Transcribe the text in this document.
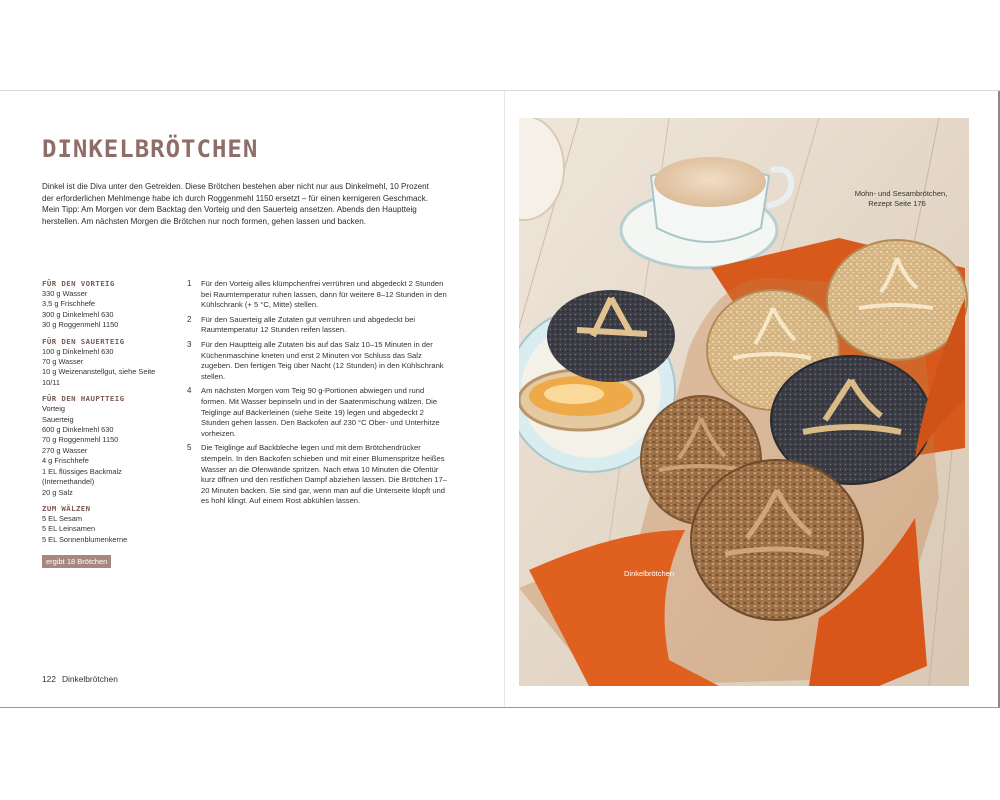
DINKELBRÖTCHEN

Dinkel ist die Diva unter den Getreiden. Diese Brötchen bestehen aber nicht nur aus Dinkelmehl, 10 Prozent der erforderlichen Mehlmenge habe ich durch Roggenmehl 1150 ersetzt – für einen kernigeren Geschmack.

Mein Tipp: Am Morgen vor dem Backtag den Vorteig und den Sauerteig ansetzen. Abends den Hauptteig herstellen. Am nächsten Morgen die Brötchen nur noch formen, gehen lassen und backen.

FÜR DEN VORTEIG
330 g Wasser
3,5 g Frischhefe
300 g Dinkelmehl 630
30 g Roggenmehl 1150
FÜR DEN SAUERTEIG
100 g Dinkelmehl 630
70 g Wasser
10 g Weizenanstellgut, siehe Seite 10/11
FÜR DEN HAUPTTEIG
Vorteig
Sauerteig
600 g Dinkelmehl 630
70 g Roggenmehl 1150
270 g Wasser
4 g Frischhefe
1 EL flüssiges Backmalz (Internethandel)
20 g Salz
ZUM WÄLZEN
5 EL Sesam
5 EL Leinsamen
5 EL Sonnenblumenkerne
ergibt 18 Brötchen
1 Für den Vorteig alles klümpchenfrei verrühren und abgedeckt 2 Stunden bei Raumtemperatur ruhen lassen, dann für weitere 8–12 Stunden in den Kühlschrank (+ 5 °C, Mitte) stellen.
2 Für den Sauerteig alle Zutaten gut verrühren und abgedeckt bei Raumtemperatur 12 Stunden reifen lassen.
3 Für den Hauptteig alle Zutaten bis auf das Salz 10–15 Minuten in der Küchenmaschine kneten und erst 2 Minuten vor Schluss das Salz zugeben. Den fertigen Teig über Nacht (12 Stunden) in den Kühlschrank stellen.
4 Am nächsten Morgen vom Teig 90 g-Portionen abwiegen und rund formen. Mit Wasser bepinseln und in der Saatenmischung wälzen. Die Teiglinge auf Bäckerleinen (siehe Seite 19) legen und abgedeckt 2 Stunden gehen lassen. Den Backofen auf 230 °C Ober- und Unterhitze vorheizen.
5 Die Teiglinge auf Backbleche legen und mit dem Brötchendrücker stempeln. In den Backofen schieben und mit einer Blumenspritze heißes Wasser an die Ofenwände spritzen. Nach etwa 10 Minuten die Ofentür kurz öffnen und den restlichen Dampf abziehen lassen. Die Brötchen 17–20 Minuten backen. Sie sind gar, wenn man auf die Unterseite klopft und es hohl klingt. Auf einem Rost abkühlen lassen.
122 Dinkelbrötchen
Mohn- und Sesambrötchen,
Rezept Seite 176
Dinkelbrötchen
